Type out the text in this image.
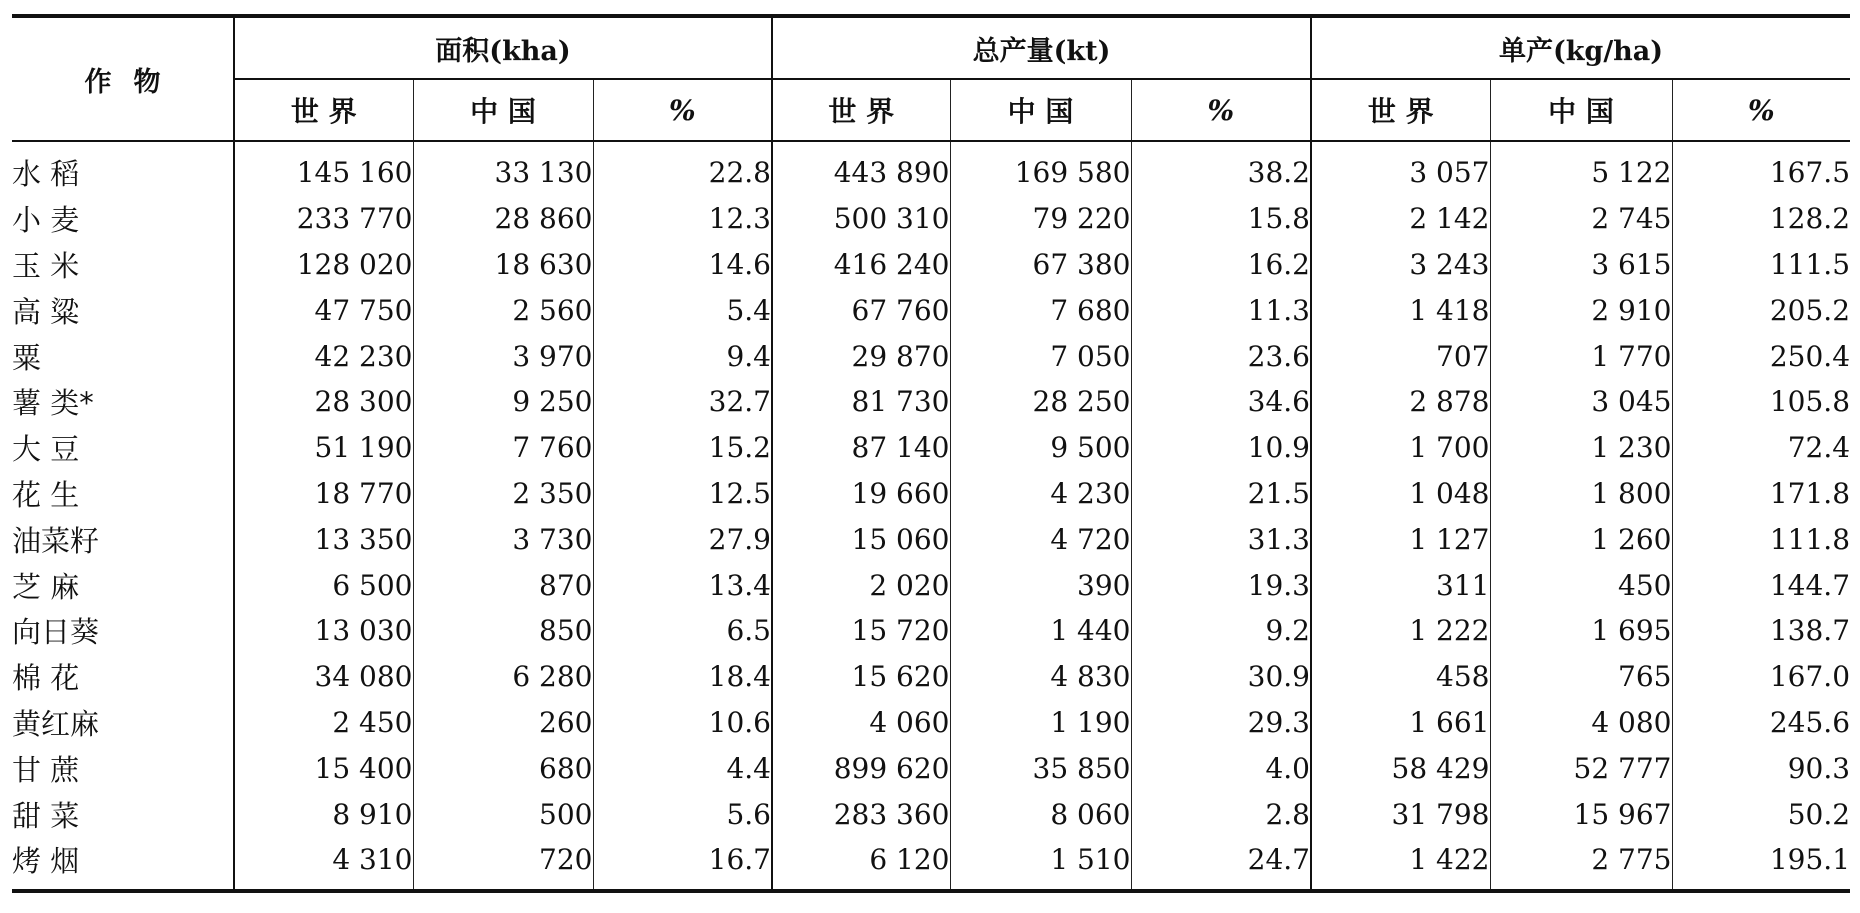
作物	面积(kha)			总产量(kt)			单产(kg/ha)		
	世 界	中 国	%	世 界	中 国	%	世 界	中 国	%
水 稻	145 160	33 130	22.8	443 890	169 580	38.2	3 057	5 122	167.5
小 麦	233 770	28 860	12.3	500 310	79 220	15.8	2 142	2 745	128.2
玉 米	128 020	18 630	14.6	416 240	67 380	16.2	3 243	3 615	111.5
高 粱	47 750	2 560	5.4	67 760	7 680	11.3	1 418	2 910	205.2
粟	42 230	3 970	9.4	29 870	7 050	23.6	707	1 770	250.4
薯 类*	28 300	9 250	32.7	81 730	28 250	34.6	2 878	3 045	105.8
大 豆	51 190	7 760	15.2	87 140	9 500	10.9	1 700	1 230	72.4
花 生	18 770	2 350	12.5	19 660	4 230	21.5	1 048	1 800	171.8
油菜籽	13 350	3 730	27.9	15 060	4 720	31.3	1 127	1 260	111.8
芝 麻	6 500	870	13.4	2 020	390	19.3	311	450	144.7
向日葵	13 030	850	6.5	15 720	1 440	9.2	1 222	1 695	138.7
棉 花	34 080	6 280	18.4	15 620	4 830	30.9	458	765	167.0
黄红麻	2 450	260	10.6	4 060	1 190	29.3	1 661	4 080	245.6
甘 蔗	15 400	680	4.4	899 620	35 850	4.0	58 429	52 777	90.3
甜 菜	8 910	500	5.6	283 360	8 060	2.8	31 798	15 967	50.2
烤 烟	4 310	720	16.7	6 120	1 510	24.7	1 422	2 775	195.1
